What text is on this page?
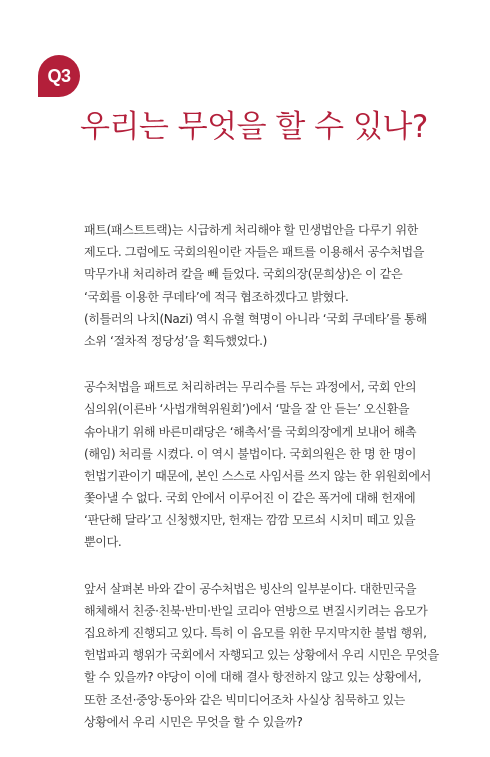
Q3
우리는 무엇을 할 수 있나?
패트(패스트트랙)는 시급하게 처리해야 할 민생법안을 다루기 위한
제도다. 그럼에도 국회의원이란 자들은 패트를 이용해서 공수처법을
막무가내 처리하려 칼을 빼 들었다. 국회의장(문희상)은 이 같은
‘국회를 이용한 쿠데타’에 적극 협조하겠다고 밝혔다.
(히틀러의 나치(Nazi) 역시 유혈 혁명이 아니라 ‘국회 쿠데타’를 통해
소위 ‘절차적 정당성’을 획득했었다.)
공수처법을 패트로 처리하려는 무리수를 두는 과정에서, 국회 안의
심의위(이른바 ‘사법개혁위원회’)에서 ‘말을 잘 안 듣는’ 오신환을
솎아내기 위해 바른미래당은 ‘해촉서’를 국회의장에게 보내어 해촉
(해임) 처리를 시켰다. 이 역시 불법이다. 국회의원은 한 명 한 명이
헌법기관이기 때문에, 본인 스스로 사임서를 쓰지 않는 한 위원회에서
쫓아낼 수 없다. 국회 안에서 이루어진 이 같은 폭거에 대해 헌재에
‘판단해 달라’고 신청했지만, 헌재는 깜깜 모르쇠 시치미 떼고 있을
뿐이다.
앞서 살펴본 바와 같이 공수처법은 빙산의 일부분이다. 대한민국을
해체해서 친중·친북·반미·반일 코리아 연방으로 변질시키려는 음모가
집요하게 진행되고 있다. 특히 이 음모를 위한 무지막지한 불법 행위,
헌법파괴 행위가 국회에서 자행되고 있는 상황에서 우리 시민은 무엇을
할 수 있을까? 야당이 이에 대해 결사 항전하지 않고 있는 상황에서,
또한 조선·중앙·동아와 같은 빅미디어조차 사실상 침묵하고 있는
상황에서 우리 시민은 무엇을 할 수 있을까?
